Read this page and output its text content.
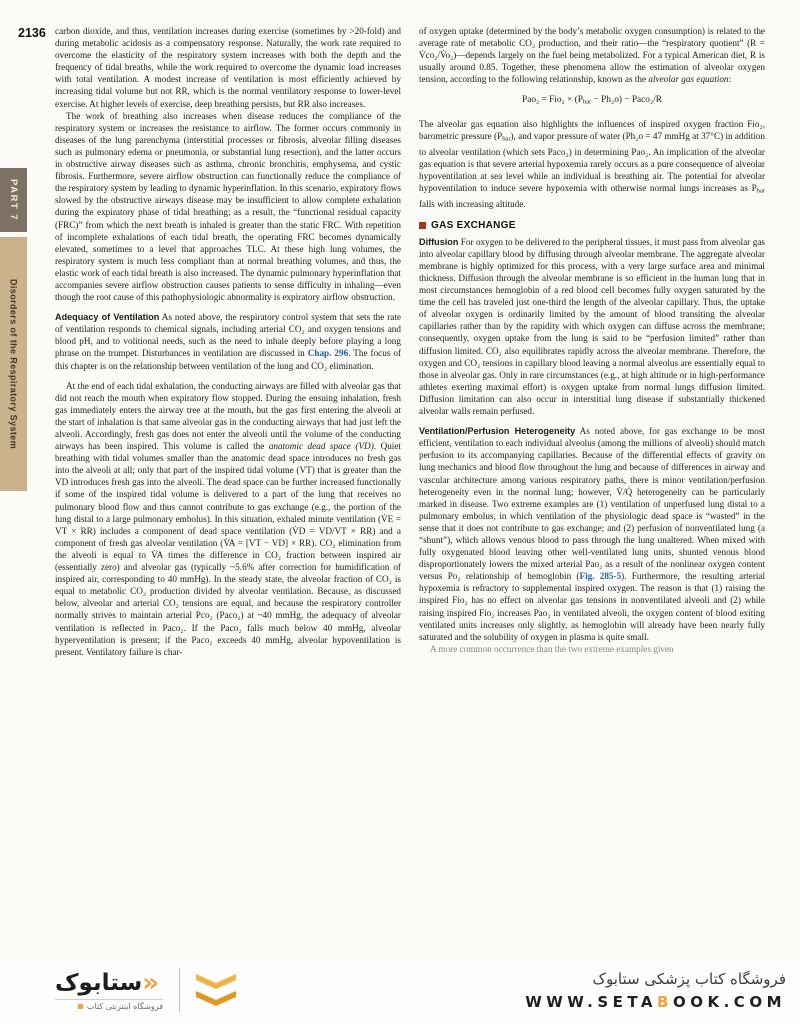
2136
PART 7
Disorders of the Respiratory System

carbon dioxide, and thus, ventilation increases during exercise (sometimes by >20-fold) and during metabolic acidosis as a compensatory response. Naturally, the work rate required to overcome the elasticity of the respiratory system increases with both the depth and the frequency of tidal breaths, while the work required to overcome the dynamic load increases with total ventilation. A modest increase of ventilation is most efficiently achieved by increasing tidal volume but not RR, which is the normal ventilatory response to lower-level exercise. At higher levels of exercise, deep breathing persists, but RR also increases.

The work of breathing also increases when disease reduces the compliance of the respiratory system or increases the resistance to airflow. The former occurs commonly in diseases of the lung parenchyma (interstitial processes or fibrosis, alveolar filling diseases such as pulmonary edema or pneumonia, or substantial lung resection), and the latter occurs in obstructive airway diseases such as asthma, chronic bronchitis, emphysema, and cystic fibrosis. Furthermore, severe airflow obstruction can functionally reduce the compliance of the respiratory system by leading to dynamic hyperinflation. In this scenario, expiratory flows slowed by the obstructive airways disease may be insufficient to allow complete exhalation during the expiratory phase of tidal breathing; as a result, the “functional residual capacity (FRC)” from which the next breath is inhaled is greater than the static FRC. With repetition of incomplete exhalations of each tidal breath, the operating FRC becomes dynamically elevated, sometimes to a level that approaches TLC. At these high lung volumes, the respiratory system is much less compliant than at normal breathing volumes, and thus, the elastic work of each tidal breath is also increased. The dynamic pulmonary hyperinflation that accompanies severe airflow obstruction causes patients to sense difficulty in inhaling—even though the root cause of this pathophysiologic abnormality is expiratory airflow obstruction.

Adequacy of Ventilation As noted above, the respiratory control system that sets the rate of ventilation responds to chemical signals, including arterial CO₂ and oxygen tensions and blood pH, and to volitional needs, such as the need to inhale deeply before playing a long phrase on the trumpet. Disturbances in ventilation are discussed in Chap. 296. The focus of this chapter is on the relationship between ventilation of the lung and CO₂ elimination.

At the end of each tidal exhalation, the conducting airways are filled with alveolar gas that did not reach the mouth when expiratory flow stopped. During the ensuing inhalation, fresh gas immediately enters the airway tree at the mouth, but the gas first entering the alveoli at the start of inhalation is that same alveolar gas in the conducting airways that had just left the alveoli. Accordingly, fresh gas does not enter the alveoli until the volume of the conducting airways has been inspired. This volume is called the anatomic dead space (VD). Quiet breathing with tidal volumes smaller than the anatomic dead space introduces no fresh gas into the alveoli at all; only that part of the inspired tidal volume (VT) that is greater than the VD introduces fresh gas into the alveoli. The dead space can be further increased functionally if some of the inspired tidal volume is delivered to a part of the lung that receives no pulmonary blood flow and thus cannot contribute to gas exchange (e.g., the portion of the lung distal to a large pulmonary embolus). In this situation, exhaled minute ventilation (V̇E = VT × RR) includes a component of dead space ventilation (V̇D = VD/VT × RR) and a component of fresh gas alveolar ventilation (V̇A = [VT − VD] × RR). CO₂ elimination from the alveoli is equal to V̇A times the difference in CO₂ fraction between inspired air (essentially zero) and alveolar gas (typically ~5.6% after correction for humidification of inspired air, corresponding to 40 mmHg). In the steady state, the alveolar fraction of CO₂ is equal to metabolic CO₂ production divided by alveolar ventilation. Because, as discussed below, alveolar and arterial CO₂ tensions are equal, and because the respiratory controller normally strives to maintain arterial Pco₂ (Paco₂) at ~40 mmHg, the adequacy of alveolar ventilation is reflected in Paco₂. If the Paco₂ falls much below 40 mmHg, alveolar hyperventilation is present; if the Paco₂ exceeds 40 mmHg, alveolar hypoventilation is present. Ventilatory failure is char-

of oxygen uptake (determined by the body’s metabolic oxygen consumption) is related to the average rate of metabolic CO₂ production, and their ratio—the “respiratory quotient” (R = V̇co₂/V̇o₂)—depends largely on the fuel being metabolized. For a typical American diet, R is usually around 0.85. Together, these phenomena allow the estimation of alveolar oxygen tension, according to the following relationship, known as the alveolar gas equation:

Pao₂ = Fio₂ × (Pbar − Ph₂o) − Paco₂/R

The alveolar gas equation also highlights the influences of inspired oxygen fraction Fio₂, barometric pressure (Pbar), and vapor pressure of water (Ph₂o = 47 mmHg at 37°C) in addition to alveolar ventilation (which sets Paco₂) in determining Pao₂. An implication of the alveolar gas equation is that severe arterial hypoxemia rarely occurs as a pure consequence of alveolar hypoventilation at sea level while an individual is breathing air. The potential for alveolar hypoventilation to induce severe hypoxemia with otherwise normal lungs increases as Pbar falls with increasing altitude.

GAS EXCHANGE

Diffusion For oxygen to be delivered to the peripheral tissues, it must pass from alveolar gas into alveolar capillary blood by diffusing through alveolar membrane. The aggregate alveolar membrane is highly optimized for this process, with a very large surface area and minimal thickness. Diffusion through the alveolar membrane is so efficient in the human lung that in most circumstances hemoglobin of a red blood cell becomes fully oxygen saturated by the time the cell has traveled just one-third the length of the alveolar capillary. Thus, the uptake of alveolar oxygen is ordinarily limited by the amount of blood transiting the alveolar capillaries rather than by the rapidity with which oxygen can diffuse across the membrane; consequently, oxygen uptake from the lung is said to be “perfusion limited” rather than diffusion limited. CO₂ also equilibrates rapidly across the alveolar membrane. Therefore, the oxygen and CO₂ tensions in capillary blood leaving a normal alveolus are essentially equal to those in alveolar gas. Only in rare circumstances (e.g., at high altitude or in high-performance athletes exerting maximal effort) is oxygen uptake from normal lungs diffusion limited. Diffusion limitation can also occur in interstitial lung disease if substantially thickened alveolar walls remain perfused.

Ventilation/Perfusion Heterogeneity As noted above, for gas exchange to be most efficient, ventilation to each individual alveolus (among the millions of alveoli) should match perfusion to its accompanying capillaries. Because of the differential effects of gravity on lung mechanics and blood flow throughout the lung and because of differences in airway and vascular architecture among various respiratory paths, there is minor ventilation/perfusion heterogeneity even in the normal lung; however, V̇/Q̇ heterogeneity can be particularly marked in disease. Two extreme examples are (1) ventilation of unperfused lung distal to a pulmonary embolus, in which ventilation of the physiologic dead space is “wasted” in the sense that it does not contribute to gas exchange; and (2) perfusion of nonventilated lung (a “shunt”), which allows venous blood to pass through the lung unaltered. When mixed with fully oxygenated blood leaving other well-ventilated lung units, shunted venous blood disproportionately lowers the mixed arterial Pao₂ as a result of the nonlinear oxygen content versus Po₂ relationship of hemoglobin (Fig. 285-5). Furthermore, the resulting arterial hypoxemia is refractory to supplemental inspired oxygen. The reason is that (1) raising the inspired Fio₂ has no effect on alveolar gas tensions in nonventilated alveoli and (2) while raising inspired Fio₂ increases Pao₂ in ventilated alveoli, the oxygen content of blood exiting ventilated units increases only slightly, as hemoglobin will already have been nearly fully saturated and the solubility of oxygen in plasma is quite small.

A more common occurrence than the two extreme examples given

«
ستابوک
فروشگاه اینترنتی کتاب
فروشگاه کتاب پزشکی ستابوک
WWW.SETABOOK.COM
